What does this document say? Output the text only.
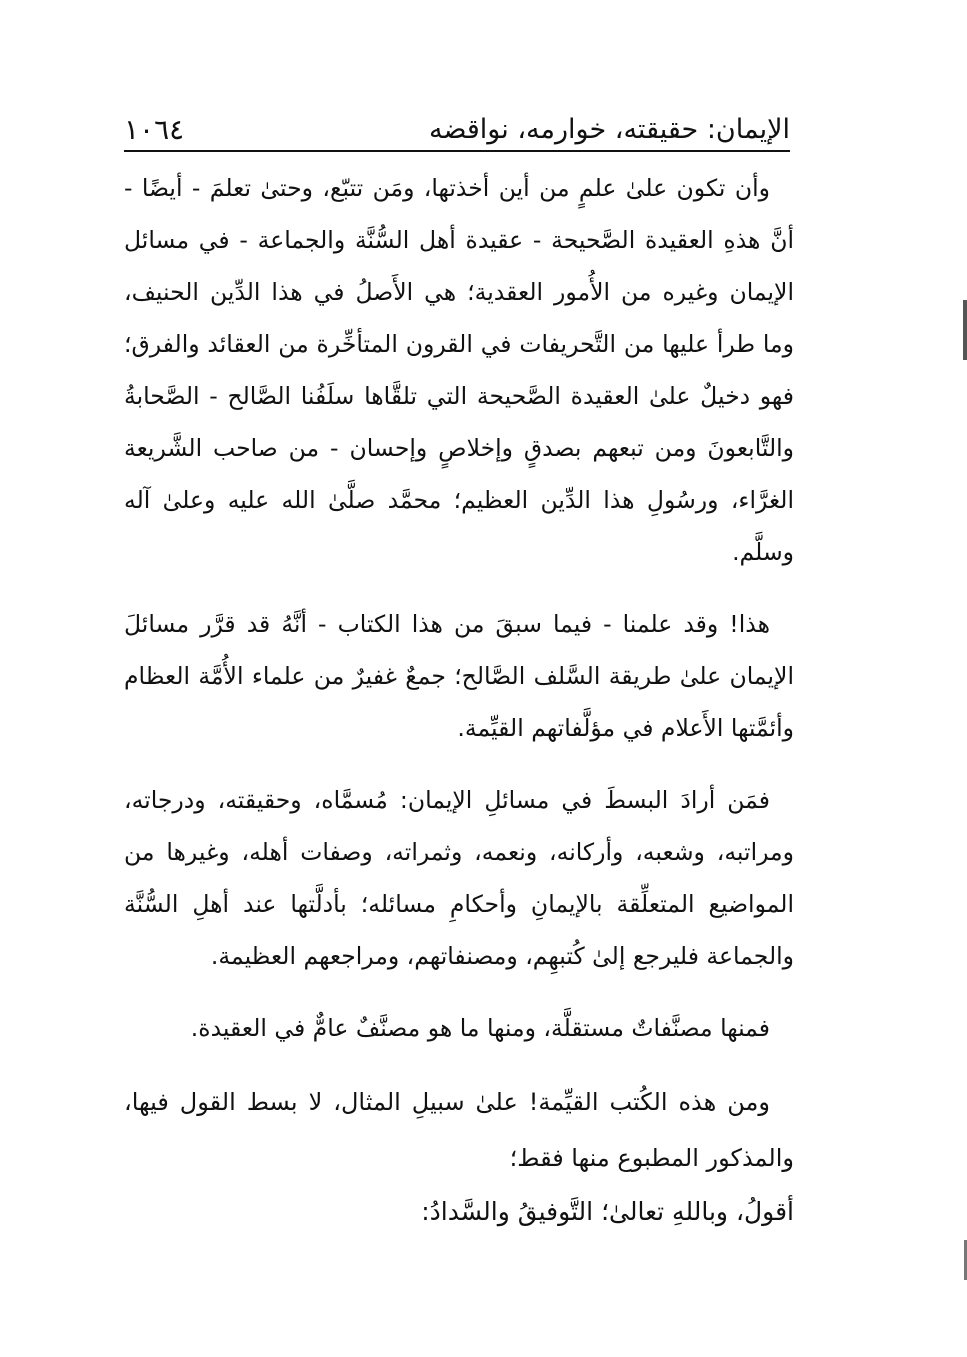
١٠٦٤	الإيمان: حقيقته، خوارمه، نواقضه

وأن تكون علىٰ علمٍ من أين أخذتها، ومَن تتبّع، وحتىٰ تعلمَ - أيضًا - أنَّ هذهِ العقيدة الصَّحيحة - عقيدة أهل السُّنَّة والجماعة - في مسائل الإيمان وغيره من الأُمور العقدية؛ هي الأَصلُ في هذا الدِّين الحنيف، وما طرأ عليها من التَّحريفات في القرون المتأخِّرة من العقائد والفرق؛ فهو دخيلٌ علىٰ العقيدة الصَّحيحة التي تلقَّاها سلَفُنا الصَّالح - الصَّحابةُ والتَّابعونَ ومن تبعهم بصدقٍ وإخلاصٍ وإحسان - من صاحب الشَّريعة الغرَّاء، ورسُولِ هذا الدِّين العظيم؛ محمَّد صلَّىٰ الله عليه وعلىٰ آله وسلَّم.

هذا! وقد علمنا - فيما سبقَ من هذا الكتاب - أنَّهُ قد قرَّر مسائلَ الإيمان علىٰ طريقة السَّلف الصَّالح؛ جمعٌ غفيرٌ من علماء الأُمَّة العظام وأئمَّتها الأَعلام في مؤلَّفاتهم القيِّمة.

فمَن أرادَ البسطَ في مسائلِ الإيمان: مُسمَّاه، وحقيقته، ودرجاته، ومراتبه، وشعبه، وأركانه، ونعمه، وثمراته، وصفات أهله، وغيرها من المواضيع المتعلِّقة بالإيمانِ وأحكامِ مسائله؛ بأدلَّتها عند أهلِ السُّنَّة والجماعة فليرجع إلىٰ كُتبهِم، ومصنفاتهم، ومراجعهم العظيمة.

فمنها مصنَّفاتٌ مستقلَّة، ومنها ما هو مصنَّفٌ عامٌّ في العقيدة.

ومن هذه الكُتب القيِّمة! علىٰ سبيلِ المثال، لا بسط القول فيها، والمذكور المطبوع منها فقط؛

أقولُ، وباللهِ تعالىٰ؛ التَّوفيقُ والسَّدادُ:
